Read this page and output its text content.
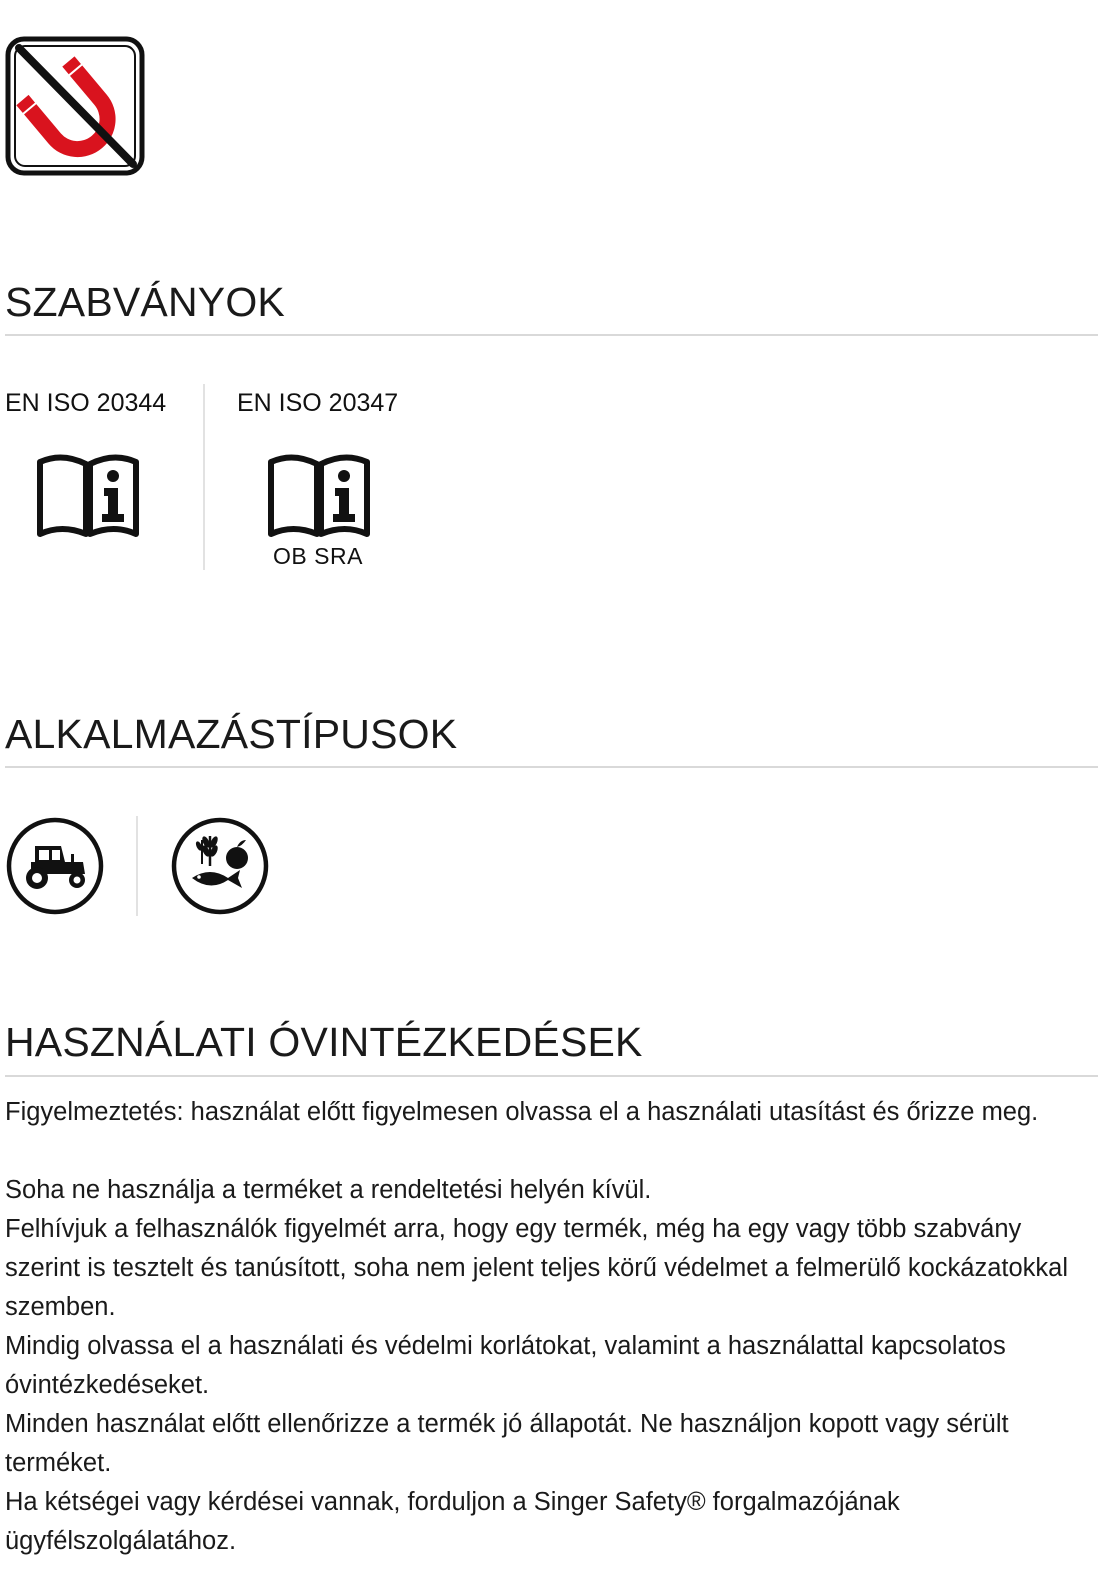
SZABVÁNYOK
EN ISO 20344	EN ISO 20347
OB SRA
ALKALMAZÁSTÍPUSOK
HASZNÁLATI ÓVINTÉZKEDÉSEK

Figyelmeztetés: használat előtt figyelmesen olvassa el a használati utasítást és őrizze meg.

Soha ne használja a terméket a rendeltetési helyén kívül.

Felhívjuk a felhasználók figyelmét arra, hogy egy termék, még ha egy vagy több szabvány szerint is tesztelt és tanúsított, soha nem jelent teljes körű védelmet a felmerülő kockázatokkal szemben.

Mindig olvassa el a használati és védelmi korlátokat, valamint a használattal kapcsolatos óvintézkedéseket.

Minden használat előtt ellenőrizze a termék jó állapotát. Ne használjon kopott vagy sérült terméket.

Ha kétségei vagy kérdései vannak, forduljon a Singer Safety® forgalmazójának ügyfélszolgálatához.
